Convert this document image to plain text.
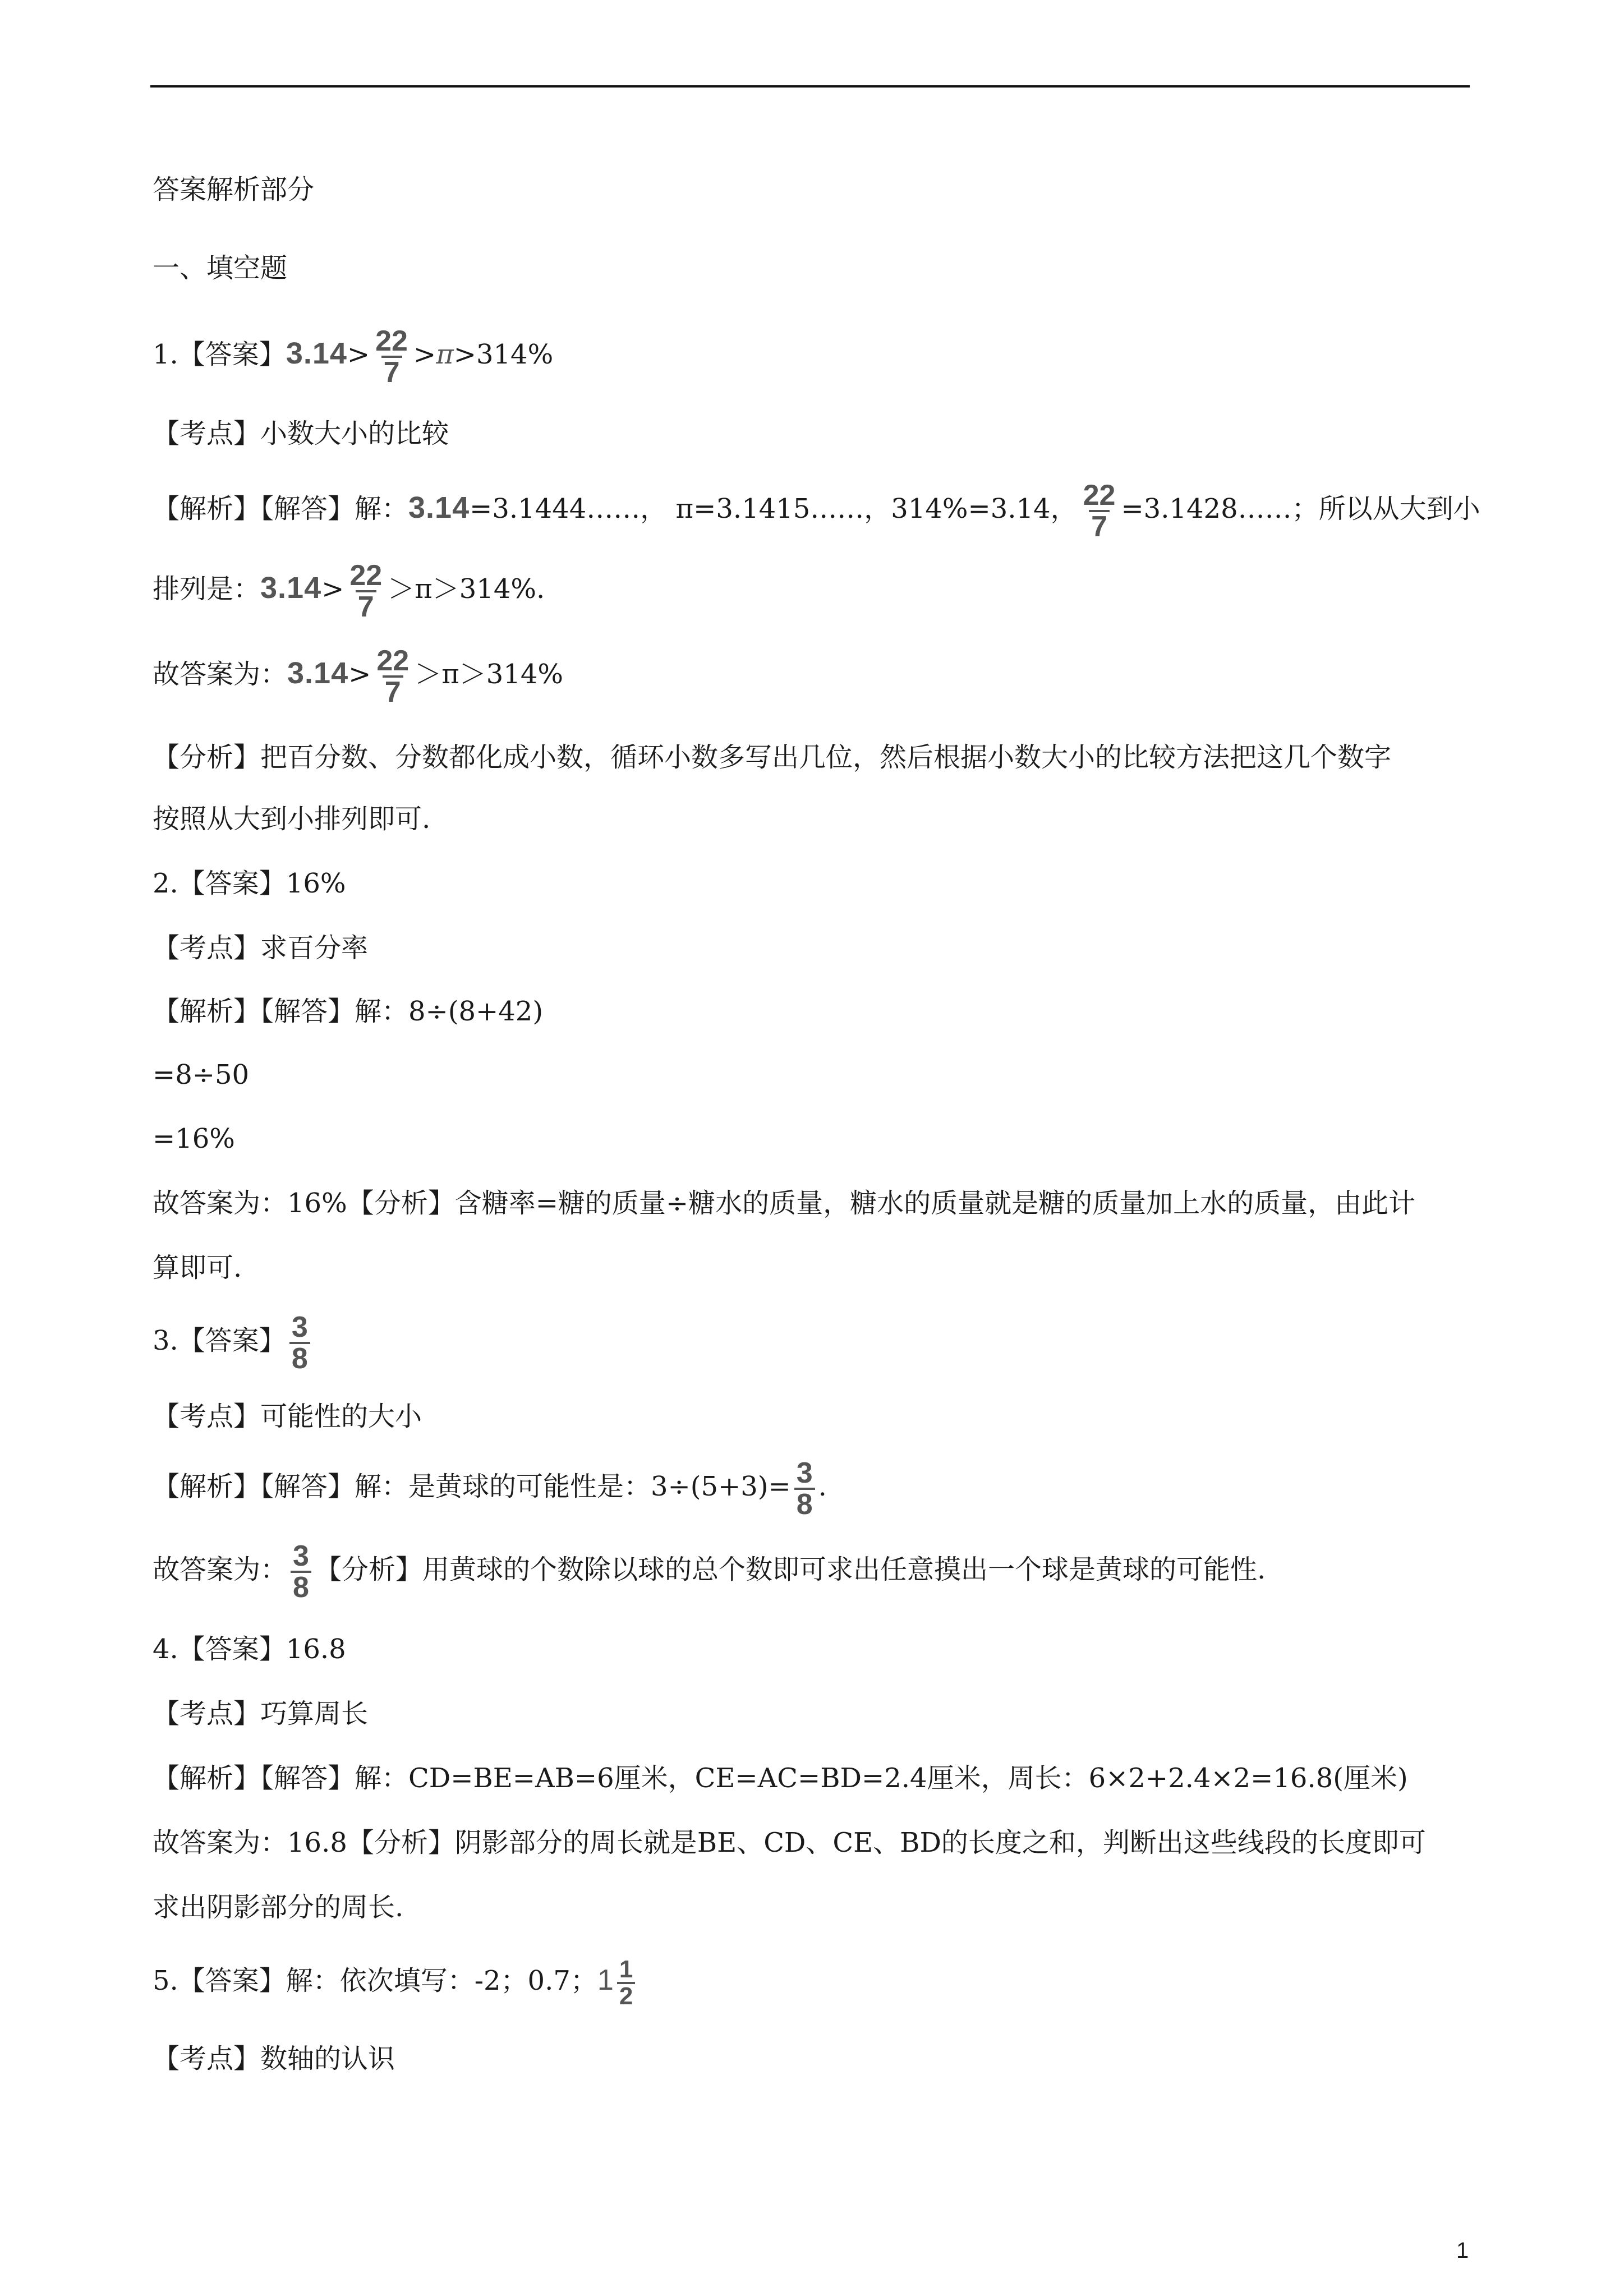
答案解析部分
一、填空题
1.【答案】$3.14> \frac{22}{7} >\pi>314\%$
【考点】小数大小的比较
【解析】【解答】解：3.14=3.1444……， π=3.1415……，314%=3.14， $\frac{22}{7}$ =3.1428……；所以从大到小
排列是：$3.14> \frac{22}{7} >\pi>314\%$.
故答案为：$3.14> \frac{22}{7} >\pi>314\%$
【分析】把百分数、分数都化成小数，循环小数多写出几位，然后根据小数大小的比较方法把这几个数字
按照从大到小排列即可.
2.【答案】16%
【考点】求百分率
【解析】【解答】解：8÷(8+42)
=8÷50
=16%
故答案为：16%【分析】含糖率=糖的质量÷糖水的质量，糖水的质量就是糖的质量加上水的质量，由此计
算即可.
3.【答案】 $\frac{3}{8}$
【考点】可能性的大小
【解析】【解答】解：是黄球的可能性是：$3\div(5+3)= \frac{3}{8}$ .
故答案为： $\frac{3}{8}$ 【分析】用黄球的个数除以球的总个数即可求出任意摸出一个球是黄球的可能性.
4.【答案】16.8
【考点】巧算周长
【解析】【解答】解：CD=BE=AB=6厘米，CE=AC=BD=2.4厘米，周长：6×2+2.4×2=16.8(厘米)
故答案为：16.8【分析】阴影部分的周长就是BE、CD、CE、BD的长度之和，判断出这些线段的长度即可
求出阴影部分的周长.
5.【答案】解：依次填写：-2；0.7；$1 \frac{1}{2}$
【考点】数轴的认识
1
